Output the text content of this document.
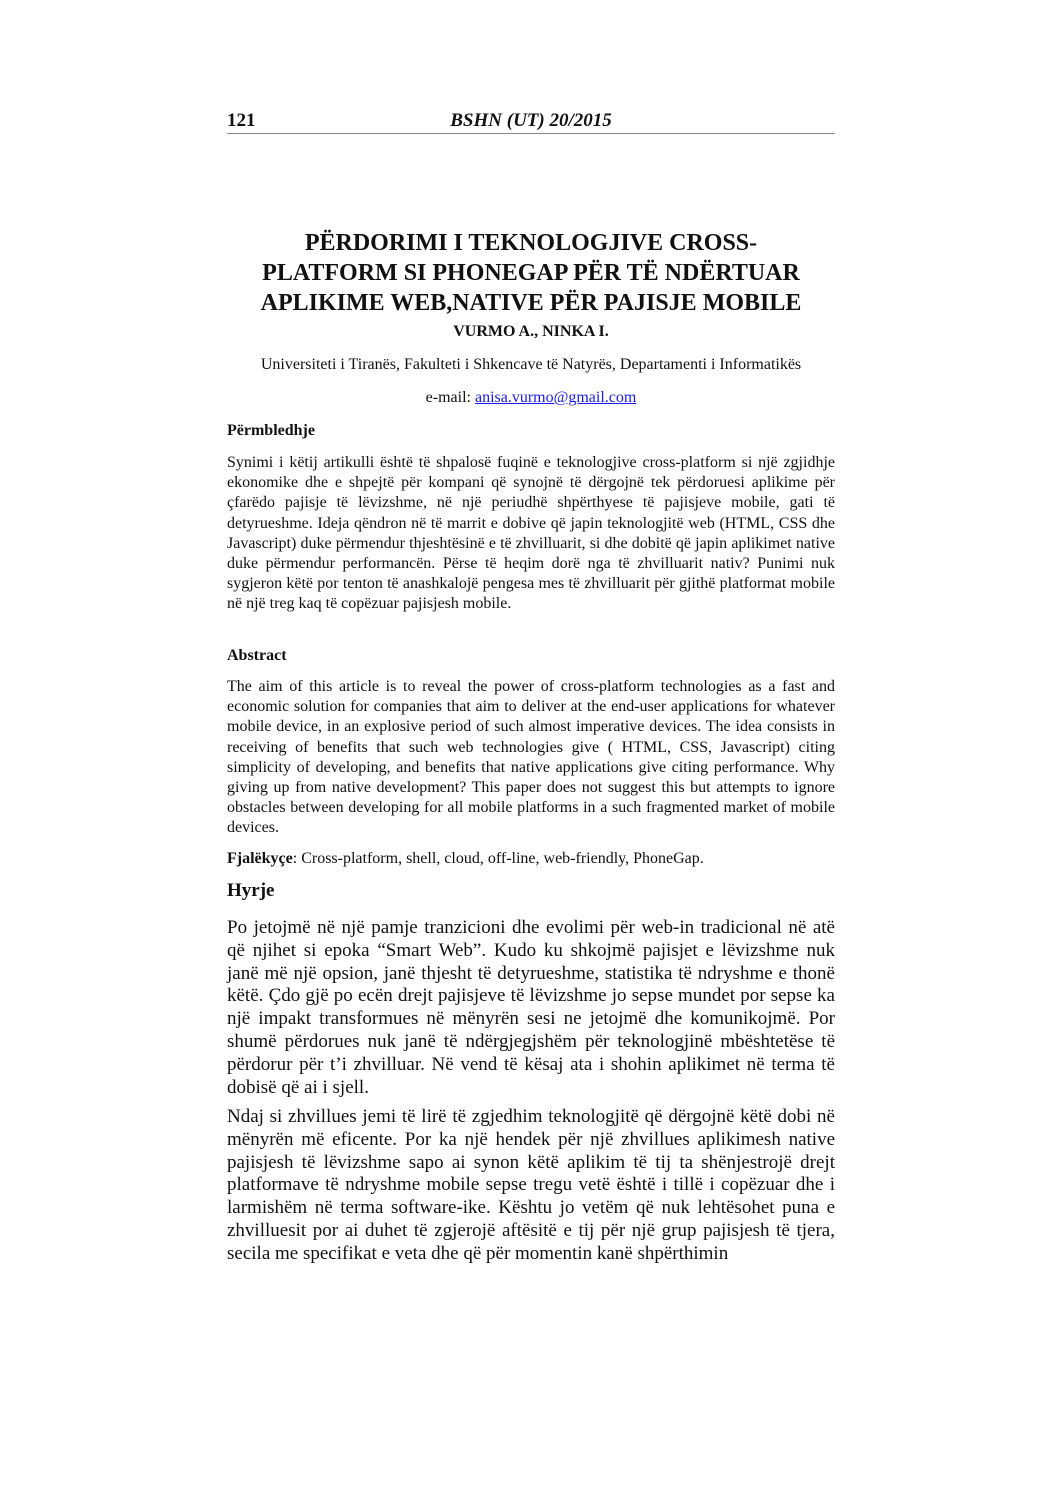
121	BSHN (UT) 20/2015
PËRDORIMI I TEKNOLOGJIVE CROSS-
PLATFORM SI PHONEGAP PËR TË NDËRTUAR
APLIKIME WEB,NATIVE PËR PAJISJE MOBILE
VURMO A., NINKA I.
Universiteti i Tiranës, Fakulteti i Shkencave të Natyrës, Departamenti i Informatikës
e-mail: anisa.vurmo@gmail.com
Përmbledhje
Synimi i këtij artikulli është të shpalosë fuqinë e teknologjive cross-platform si një zgjidhje ekonomike dhe e shpejtë për kompani që synojnë të dërgojnë tek përdoruesi aplikime për çfarëdo pajisje të lëvizshme, në një periudhë shpërthyese të pajisjeve mobile, gati të detyrueshme. Ideja qëndron në të marrit e dobive që japin teknologjitë web (HTML, CSS dhe Javascript) duke përmendur thjeshtësinë e të zhvilluarit, si dhe dobitë që japin aplikimet native duke përmendur performancën. Përse të heqim dorë nga të zhvilluarit nativ? Punimi nuk sygjeron këtë por tenton të anashkalojë pengesa mes të zhvilluarit për gjithë platformat mobile në një treg kaq të copëzuar pajisjesh mobile.
Abstract
The aim of this article is to reveal the power of cross-platform technologies as a fast and economic solution for companies that aim to deliver at the end-user applications for whatever mobile device, in an explosive period of such almost imperative devices. The idea consists in receiving of benefits that such web technologies give ( HTML, CSS, Javascript) citing simplicity of developing, and benefits that native applications give citing performance. Why giving up from native development? This paper does not suggest this but attempts to ignore obstacles between developing for all mobile platforms in a such fragmented market of mobile devices.
Fjalëkyçe: Cross-platform, shell, cloud, off-line, web-friendly, PhoneGap.
Hyrje
Po jetojmë në një pamje tranzicioni dhe evolimi për web-in tradicional në atë që njihet si epoka “Smart Web”. Kudo ku shkojmë pajisjet e lëvizshme nuk janë më një opsion, janë thjesht të detyrueshme, statistika të ndryshme e thonë këtë. Çdo gjë po ecën drejt pajisjeve të lëvizshme jo sepse mundet por sepse ka një impakt transformues në mënyrën sesi ne jetojmë dhe komunikojmë. Por shumë përdorues nuk janë të ndërgjegjshëm për teknologjinë mbështetëse të përdorur për t’i zhvilluar. Në vend të kësaj ata i shohin aplikimet në terma të dobisë që ai i sjell.
Ndaj si zhvillues jemi të lirë të zgjedhim teknologjitë që dërgojnë këtë dobi në mënyrën më eficente. Por ka një hendek për një zhvillues aplikimesh native pajisjesh të lëvizshme sapo ai synon këtë aplikim të tij ta shënjestrojë drejt platformave të ndryshme mobile sepse tregu vetë është i tillë i copëzuar dhe i larmishëm në terma software-ike. Kështu jo vetëm që nuk lehtësohet puna e zhvilluesit por ai duhet të zgjerojë aftësitë e tij për një grup pajisjesh të tjera, secila me specifikat e veta dhe që për momentin kanë shpërthimin
